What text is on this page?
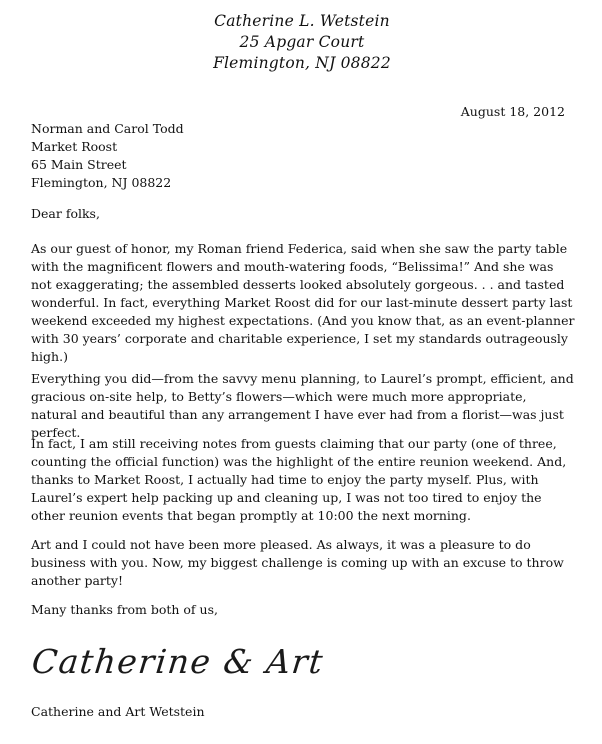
Catherine L. Wetstein
25 Apgar Court
Flemington, NJ 08822
August 18, 2012
Norman and Carol Todd
Market Roost
65 Main Street
Flemington, NJ 08822
Dear folks,

As our guest of honor, my Roman friend Federica, said when she saw the party table with the magnificent flowers and mouth-watering foods, “Belissima!” And she was not exaggerating; the assembled desserts looked absolutely gorgeous. . . and tasted wonderful. In fact, everything Market Roost did for our last-minute dessert party last weekend exceeded my highest expectations. (And you know that, as an event-planner with 30 years’ corporate and charitable experience, I set my standards outrageously high.)

Everything you did—from the savvy menu planning, to Laurel’s prompt, efficient, and gracious on-site help, to Betty’s flowers—which were much more appropriate, natural and beautiful than any arrangement I have ever had from a florist—was just perfect.

In fact, I am still receiving notes from guests claiming that our party (one of three, counting the official function) was the highlight of the entire reunion weekend. And, thanks to Market Roost, I actually had time to enjoy the party myself. Plus, with Laurel’s expert help packing up and cleaning up, I was not too tired to enjoy the other reunion events that began promptly at 10:00 the next morning.

Art and I could not have been more pleased. As always, it was a pleasure to do business with you. Now, my biggest challenge is coming up with an excuse to throw another party!

Many thanks from both of us,
Catherine & Art
Catherine and Art Wetstein
